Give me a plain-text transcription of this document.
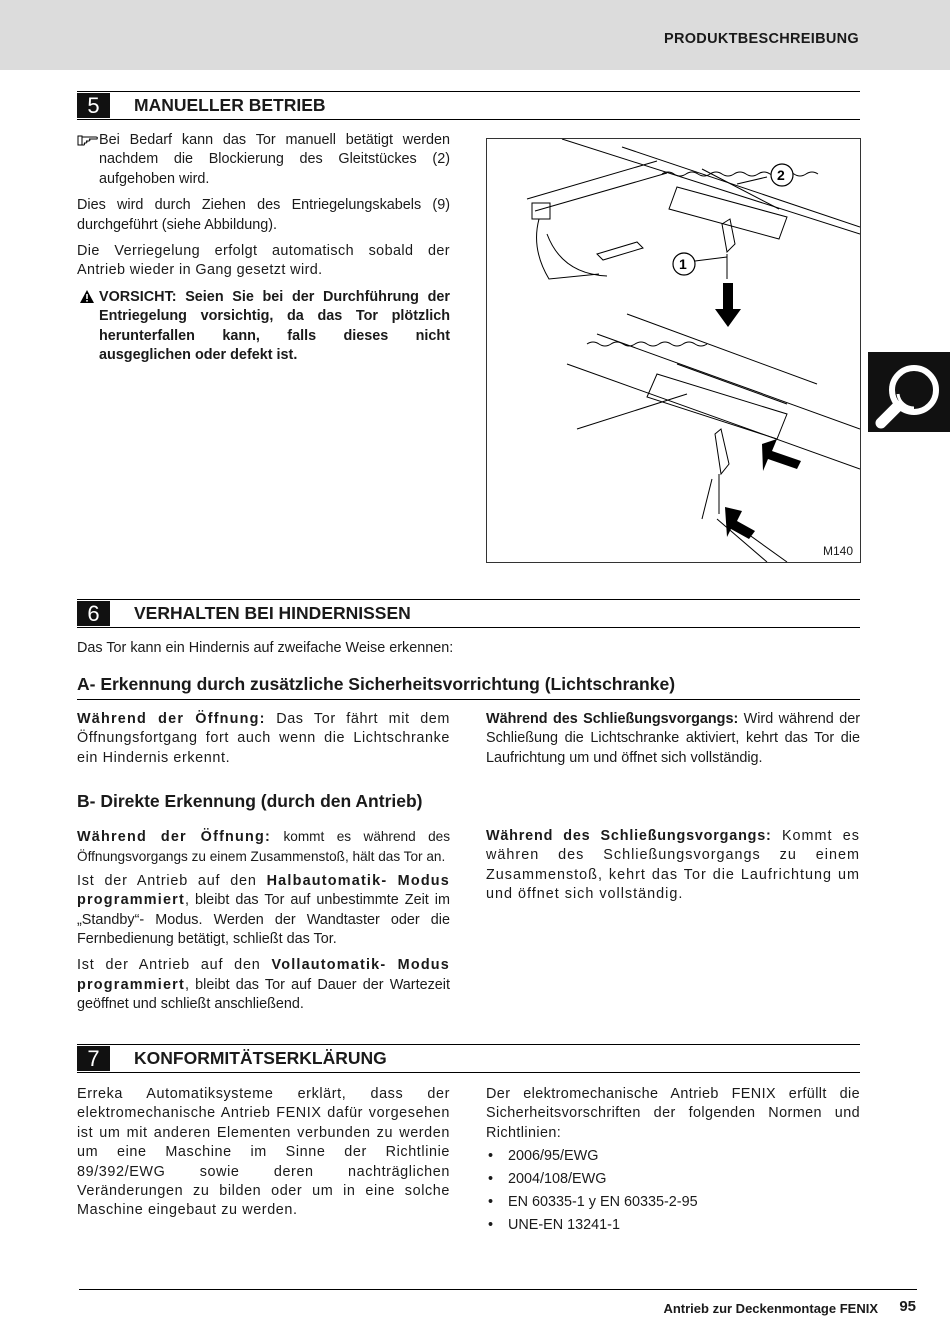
PRODUKTBESCHREIBUNG
5	MANUELLER BETRIEB

Bei Bedarf kann das Tor manuell betätigt werden nachdem die Blockierung des Gleitstückes (2) aufgehoben wird.

Dies wird durch Ziehen des Entriegelungskabels (9) durchgeführt (siehe Abbildung).

Die Verriegelung erfolgt automatisch sobald der Antrieb wieder in Gang gesetzt wird.

VORSICHT: Seien Sie bei der Durchführung der Entriegelung vorsichtig, da das Tor plötzlich herunterfallen kann, falls dieses nicht ausgeglichen oder defekt ist.

2
1
M140
6	VERHALTEN BEI HINDERNISSEN
Das Tor kann ein Hindernis auf zweifache Weise erkennen:
A- Erkennung durch zusätzliche Sicherheitsvorrichtung (Lichtschranke)
Während der Öffnung: Das Tor fährt mit dem Öffnungsfortgang fort auch wenn die Lichtschranke ein Hindernis erkennt.
Während des Schließungsvorgangs: Wird während der Schließung die Lichtschranke aktiviert, kehrt das Tor die Laufrichtung um und öffnet sich vollständig.
B- Direkte Erkennung (durch den Antrieb)

Während der Öffnung: kommt es während des Öffnungsvorgangs zu einem Zusammenstoß, hält das Tor an.

Ist der Antrieb auf den Halbautomatik- Modus programmiert, bleibt das Tor auf unbestimmte Zeit im „Standby“- Modus. Werden der Wandtaster oder die Fernbedienung betätigt, schließt das Tor.

Ist der Antrieb auf den Vollautomatik- Modus programmiert, bleibt das Tor auf Dauer der Wartezeit geöffnet und schließt anschließend.

Während des Schließungsvorgangs: Kommt es währen des Schließungsvorgangs zu einem Zusammenstoß, kehrt das Tor die Laufrichtung um und öffnet sich vollständig.
7	KONFORMITÄTSERKLÄRUNG
Erreka Automatiksysteme erklärt, dass der elektromechanische Antrieb FENIX dafür vorgesehen ist um mit anderen Elementen verbunden zu werden um eine Maschine im Sinne der Richtlinie 89/392/EWG sowie deren nachträglichen Veränderungen zu bilden oder um in eine solche Maschine eingebaut zu werden.
Der elektromechanische Antrieb FENIX erfüllt die Sicherheitsvorschriften der folgenden Normen und Richtlinien:
• 2006/95/EWG
• 2004/108/EWG
• EN 60335-1 y EN 60335-2-95
• UNE-EN 13241-1
Antrieb zur Deckenmontage FENIX 95
